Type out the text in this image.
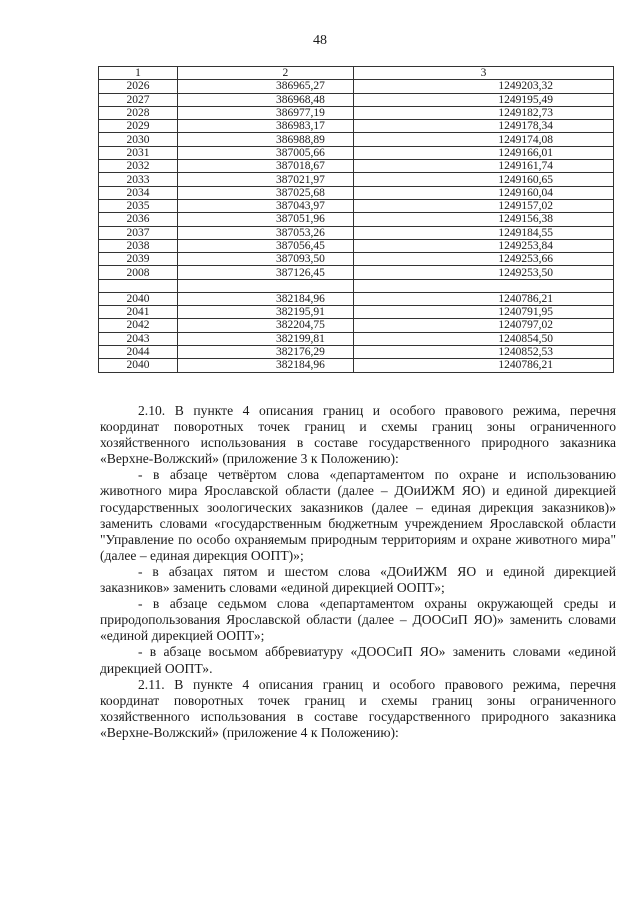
48
1	2	3
2026	386965,27	1249203,32
2027	386968,48	1249195,49
2028	386977,19	1249182,73
2029	386983,17	1249178,34
2030	386988,89	1249174,08
2031	387005,66	1249166,01
2032	387018,67	1249161,74
2033	387021,97	1249160,65
2034	387025,68	1249160,04
2035	387043,97	1249157,02
2036	387051,96	1249156,38
2037	387053,26	1249184,55
2038	387056,45	1249253,84
2039	387093,50	1249253,66
2008	387126,45	1249253,50

2040	382184,96	1240786,21
2041	382195,91	1240791,95
2042	382204,75	1240797,02
2043	382199,81	1240854,50
2044	382176,29	1240852,53
2040	382184,96	1240786,21

2.10. В пункте 4 описания границ и особого правового режима, перечня координат поворотных точек границ и схемы границ зоны ограниченного хозяйственного использования в составе государственного природного заказника «Верхне-Волжский» (приложение 3 к Положению):

- в абзаце четвёртом слова «департаментом по охране и использованию животного мира Ярославской области (далее – ДОиИЖМ ЯО) и единой дирекцией государственных зоологических заказников (далее – единая дирекция заказников)» заменить словами «государственным бюджетным учреждением Ярославской области "Управление по особо охраняемым природным территориям и охране животного мира" (далее – единая дирекция ООПТ)»;

- в абзацах пятом и шестом слова «ДОиИЖМ ЯО и единой дирекцией заказников» заменить словами «единой дирекцией ООПТ»;

- в абзаце седьмом слова «департаментом охраны окружающей среды и природопользования Ярославской области (далее – ДООСиП ЯО)» заменить словами «единой дирекцией ООПТ»;

- в абзаце восьмом аббревиатуру «ДООСиП ЯО» заменить словами «единой дирекцией ООПТ».

2.11. В пункте 4 описания границ и особого правового режима, перечня координат поворотных точек границ и схемы границ зоны ограниченного хозяйственного использования в составе государственного природного заказника «Верхне-Волжский» (приложение 4 к Положению):
